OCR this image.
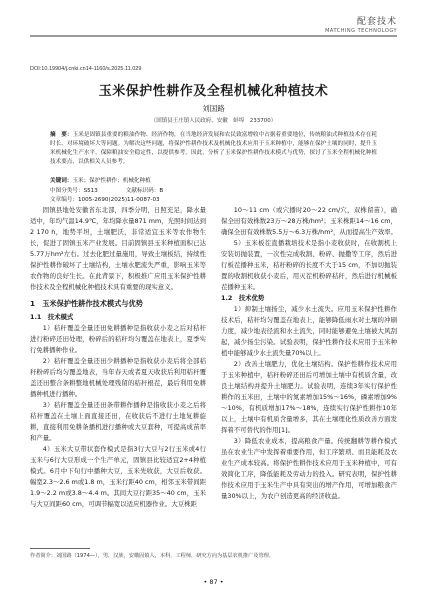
配套技术
MATCHING TECHNOLOGY
DOI:10.19904/j.cnki.cn14-1160/s.2025.11.029
玉米保护性耕作及全程机械化种植技术
刘国路
（固镇县王庄镇人民政府，安徽　蚌埠　233700）
摘　要：玉米是固镇县重要的粮油作物、经济作物，在当地经济发展和农民致富增收中占据着重要地位，传统粮油式种植技术存在耗时长、对环境破坏大等问题。为解决这些问题，将保护性耕作技术及机械化技术应用于玉米种植中，能够在保护土壤的同时，提升玉米机械化生产水平，保障粮油安全稳定性，以提供参考。因此，分析了玉米保护性耕作技术模式与优势，探讨了玉米全程机械化种植技术要点，以供相关人员参考。
关键词：玉米；保护性耕作；机械化种植
中图分类号：S513	文献标识码：B
文章编号：1005-2690(2025)11-0087-03

固镇县地处安徽省东北部，四季分明，日照充足，降水量适中，年均气温14.9℃，年均降水量871 mm，光照时间达到2 170 h，地势平坦，土壤肥沃，非常适宜玉米等农作物生长，促进了固镇玉米产业发展。目前固镇县玉米种植面积已达5.77万hm²左右。过去化肥过量施用，导致土壤板结，持续性保护性耕作破坏了土壤结构，土壤水肥流失严重，影响玉米等农作物的良好生长。在此背景下，积极推广应用玉米保护性耕作技术及全程机械化种植技术具有重要的现实意义。

1　玉米保护性耕作技术模式与优势

1.1　技术模式

1）秸秆覆盖全量还田免耕播种是指收获小麦之后对秸秆进行粉碎还田处理，粉碎后的秸秆均匀覆盖在地表上，夏季实行免耕播种作业。

2）秸秆覆盖全量还田少耕播种是指收获小麦后将全部秸秆粉碎后均匀覆盖地表，当年春天或者夏天收获后利用秸秆覆盖还田整合条耕整地机械处理残留的秸秆根茬，最后利用免耕播种机进行播种。

3）秸秆覆盖全量还田条带耕作播种是指收获小麦之后将秸秆覆盖在土壤上面直接还田，在收获后不进行土地复耕旋耕，直接利用免耕条播机进行播种或大豆套种，可提高成苗率和产量。

4）玉米大豆带状套作模式是指3行大豆与2行玉米或4行玉米与6行大豆形成一个生产单元，固镇县比较适宜2+4种植模式。6月中下旬行中播种大豆，玉米先收获，大豆后收获。幅宽2.3～2.6 m或1.8 m，玉米行距40 cm，相邻玉米带间距1.9～2.2 m或3.8～4.4 m。其间大豆行距35～40 cm，玉米与大豆间距60 cm，可调节幅宽以适应机器作业。大豆株距

10～11 cm（或穴播时20～22 cm/穴，双株留苗），确保全田有效株数23万～28万株/hm²；玉米株距14～16 cm，确保全田有效株数5.5万～6.3万株/hm²，从而提高生产效率。

5）玉米板茬直播栽培技术是指小麦收获时，在收割机上安装切抛装置，一次性完成收割、粉碎、抛撒等工序，然后进行板茬播种玉米，秸秆粉碎的长度不大于15 cm，不加切抛装置的收割机收获小麦后，用灭茬机粉碎秸秆，然后进行机械板茬播种玉米。

1.2　技术优势

1）抑制土壤扬尘，减少水土流失。应用玉米保护性耕作技术后，秸秆均匀覆盖在地表上，能够降低雨水对土壤的冲刷力度，减少地表径流和水土流失，同时能够避免土壤被大风刮起，减少扬尘污染。试验表明，保护性耕作技术应用于玉米种植中能够减少水土流失量70%以上。

2）改善土壤肥力，优化土壤结构。保护性耕作技术应用于玉米种植中，秸秆粉碎还田后可增加土壤中有机质含量，改良土壤结构并提升土壤肥力。试验表明，连续3年实行保护性耕作的玉米田，土壤中的氮素增加15%～16%，磷素增加9%～10%，有机质增加17%～18%，连续实行保护性耕作10年以上，土壤中有机质含量增多，其在土壤理化性质改善方面发挥着不可替代的作用[1]。

3）降低农业成本，提高粮食产量。传统翻耕等耕作模式虽在农业生产中发挥着重要作用，但工序繁琐、而且能耗及农业生产成本较高。将保护性耕作技术应用于玉米种植中，可有效简化工序，降低能耗及劳动力的投入。研究表明，保护性耕作技术应用于玉米生产中具有突出的增产作用，可增加粮食产量30%以上，为农户创造更高的经济收益。

作者简介：刘国路（1974—），男，汉族，安徽固镇人，本科，工程师，研究方向为基层农机推广及管理。
• 87 •
